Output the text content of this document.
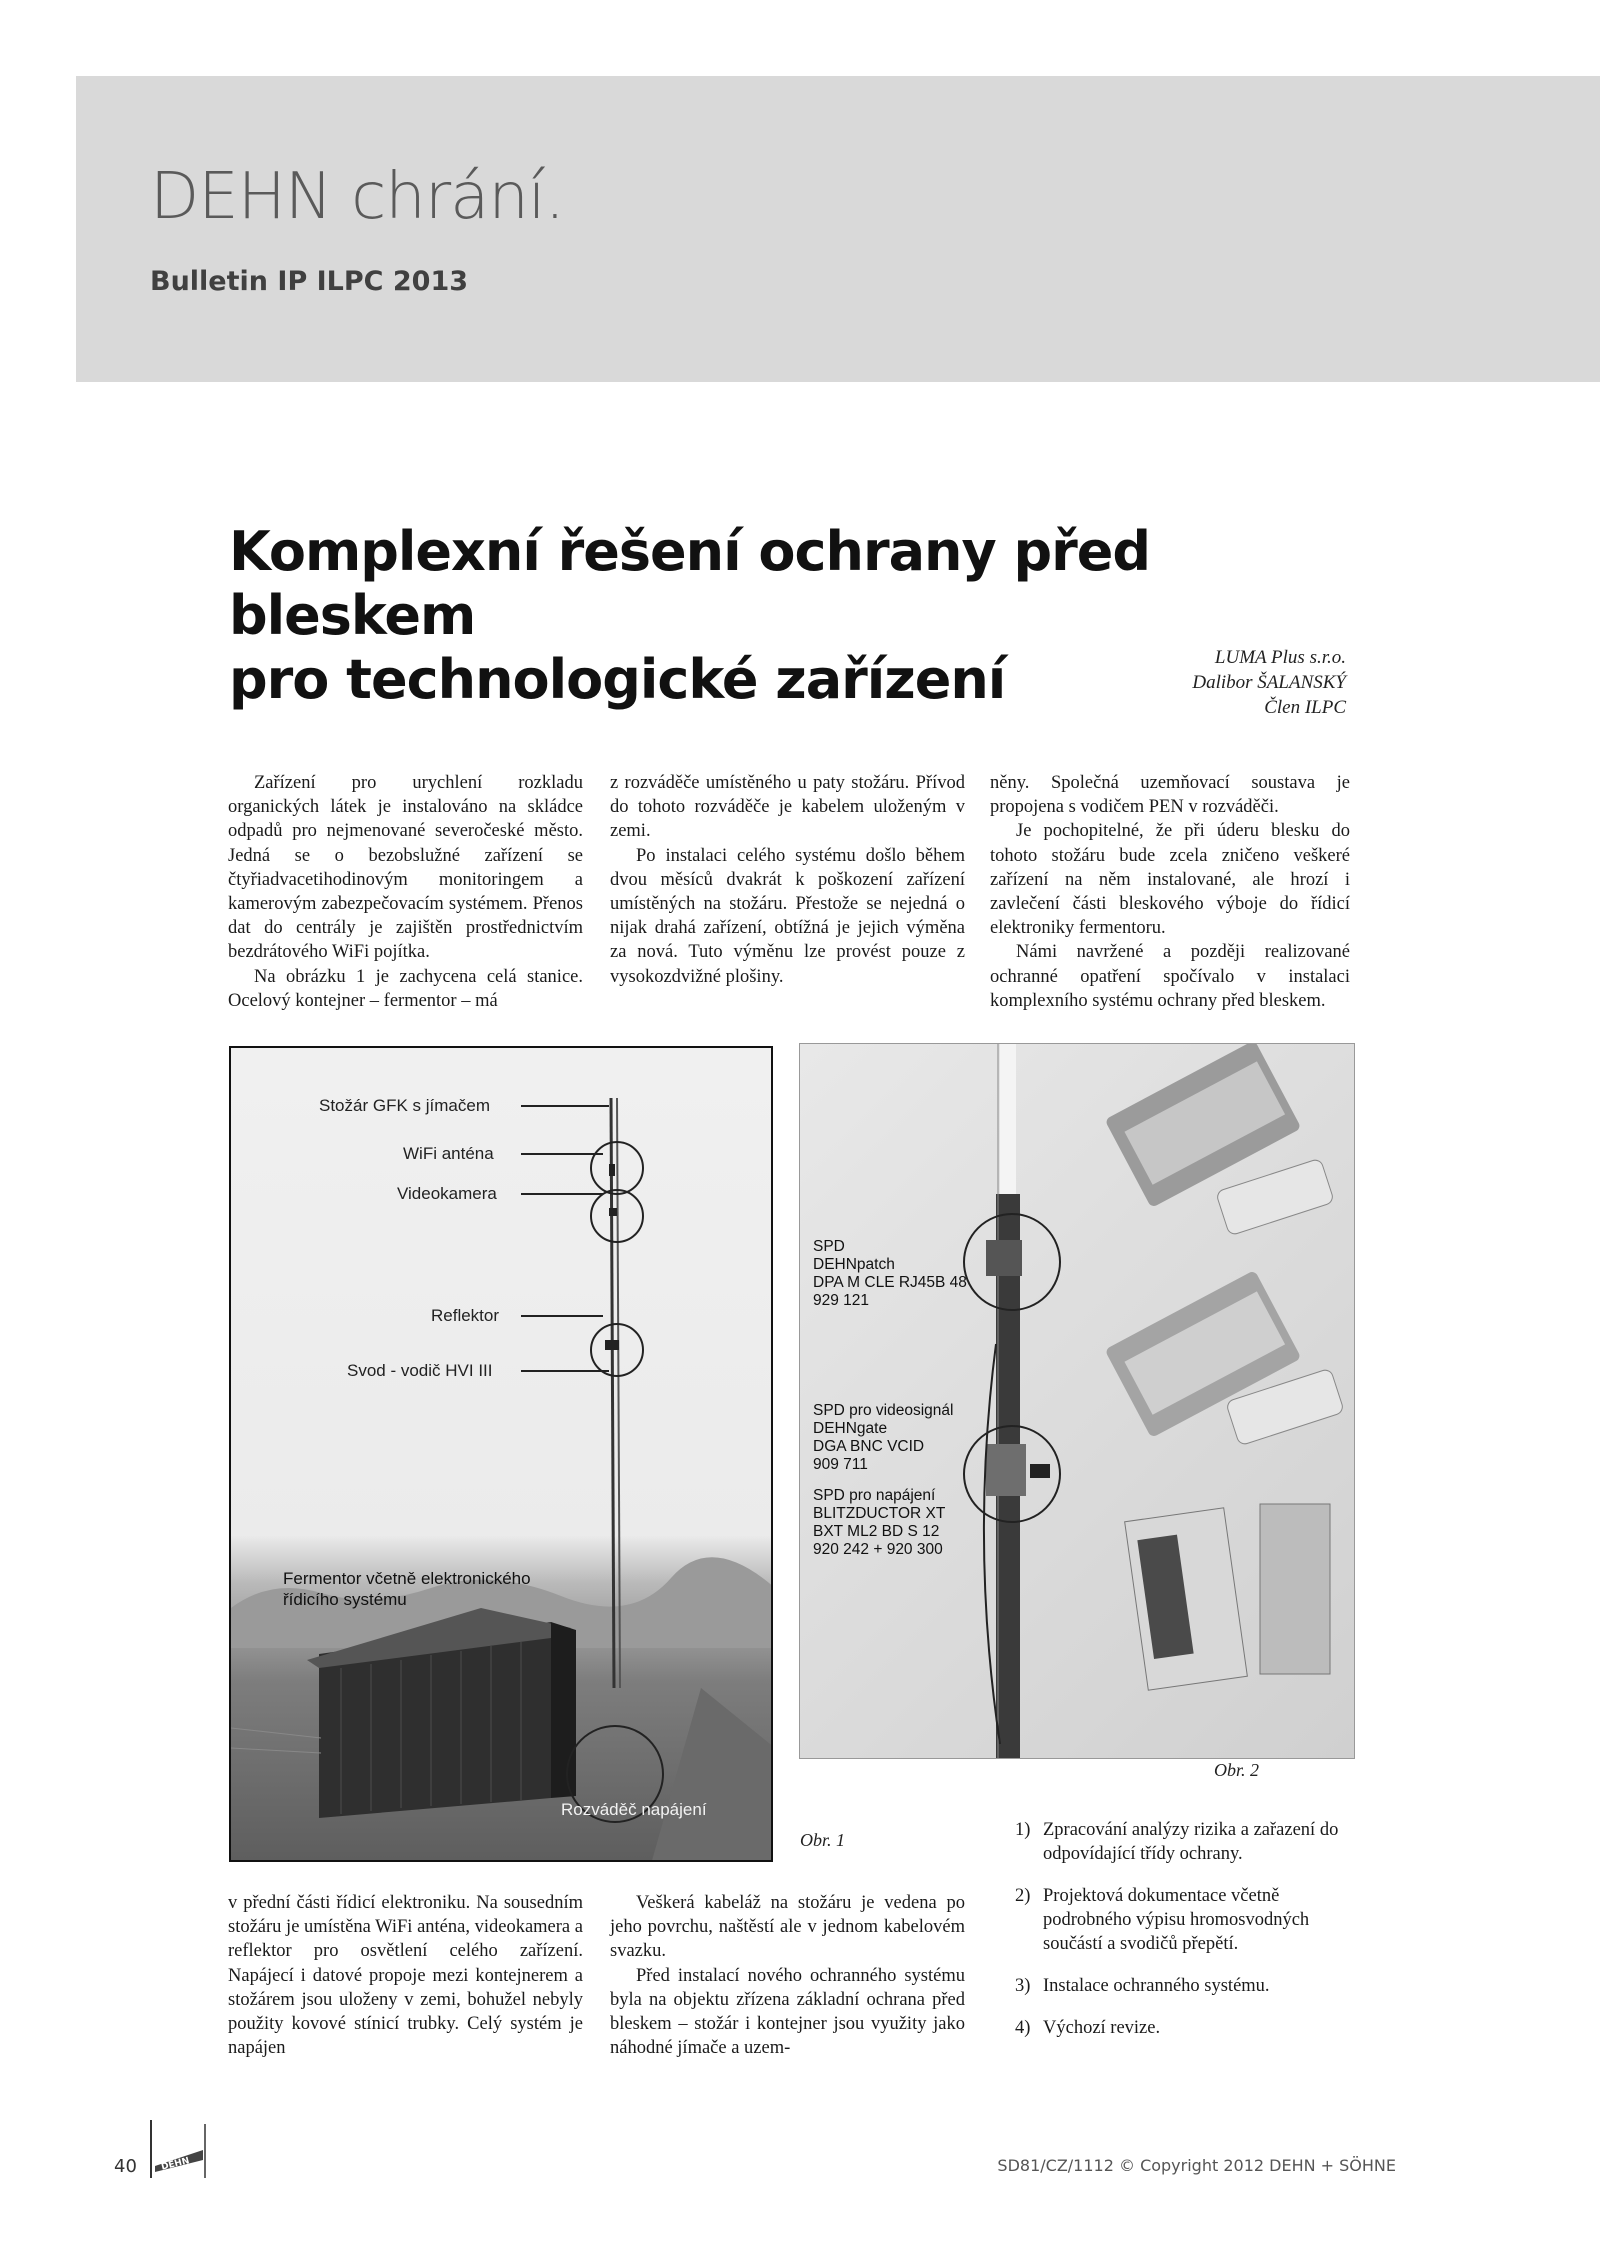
DEHN chrání.
Bulletin IP ILPC 2013
Komplexní řešení ochrany před bleskem
pro technologické zařízení	LUMA Plus s.r.o.
Dalibor ŠALANSKÝ
Člen ILPC

Zařízení pro urychlení rozkladu organických látek je instalováno na skládce odpadů pro nejmenované severočeské město. Jedná se o bezobslužné zařízení se čtyřiadvacetihodinovým monitoringem a kamerovým zabezpečovacím systémem. Přenos dat do centrály je zajištěn prostřednictvím bezdrátového WiFi pojítka.

Na obrázku 1 je zachycena celá stanice. Ocelový kontejner – fermentor – má

z rozváděče umístěného u paty stožáru. Přívod do tohoto rozváděče je kabelem uloženým v zemi.

Po instalaci celého systému došlo během dvou měsíců dvakrát k poškození zařízení umístěných na stožáru. Přestože se nejedná o nijak drahá zařízení, obtížná je jejich výměna za nová. Tuto výměnu lze provést pouze z vysokozdvižné plošiny.

něny. Společná uzemňovací soustava je propojena s vodičem PEN v rozváděči.

Je pochopitelné, že při úderu blesku do tohoto stožáru bude zcela zničeno veškeré zařízení na něm instalované, ale hrozí i zavlečení části bleskového výboje do řídicí elektroniky fermentoru.

Námi navržené a později realizované ochranné opatření spočívalo v instalaci komplexního systému ochrany před bleskem.

Stožár GFK s jímačem
WiFi anténa
Videokamera
Reflektor
Svod - vodič HVI III
Fermentor včetně elektronického
řídicího systému
Rozváděč napájení
Obr. 1
SPD
DEHNpatch
DPA M CLE RJ45B 48
929 121
SPD pro videosignál
DEHNgate
DGA BNC VCID
909 711
SPD pro napájení
BLITZDUCTOR XT
BXT ML2 BD S 12
920 242 + 920 300
Obr. 2

v přední části řídicí elektroniku. Na sousedním stožáru je umístěna WiFi anténa, videokamera a reflektor pro osvětlení celého zařízení. Napájecí i datové propoje mezi kontejnerem a stožárem jsou uloženy v zemi, bohužel nebyly použity kovové stínicí trubky. Celý systém je napájen

Veškerá kabeláž na stožáru je vedena po jeho povrchu, naštěstí ale v jednom kabelovém svazku.

Před instalací nového ochranného systému byla na objektu zřízena základní ochrana před bleskem – stožár i kontejner jsou využity jako náhodné jímače a uzem-

1) Zpracování analýzy rizika a zařazení do odpovídající třídy ochrany.
2) Projektová dokumentace včetně podrobného výpisu hromosvodných součástí a svodičů přepětí.
3) Instalace ochranného systému.
4) Výchozí revize.
40	DEHN	SD81/CZ/1112 © Copyright 2012 DEHN + SÖHNE
